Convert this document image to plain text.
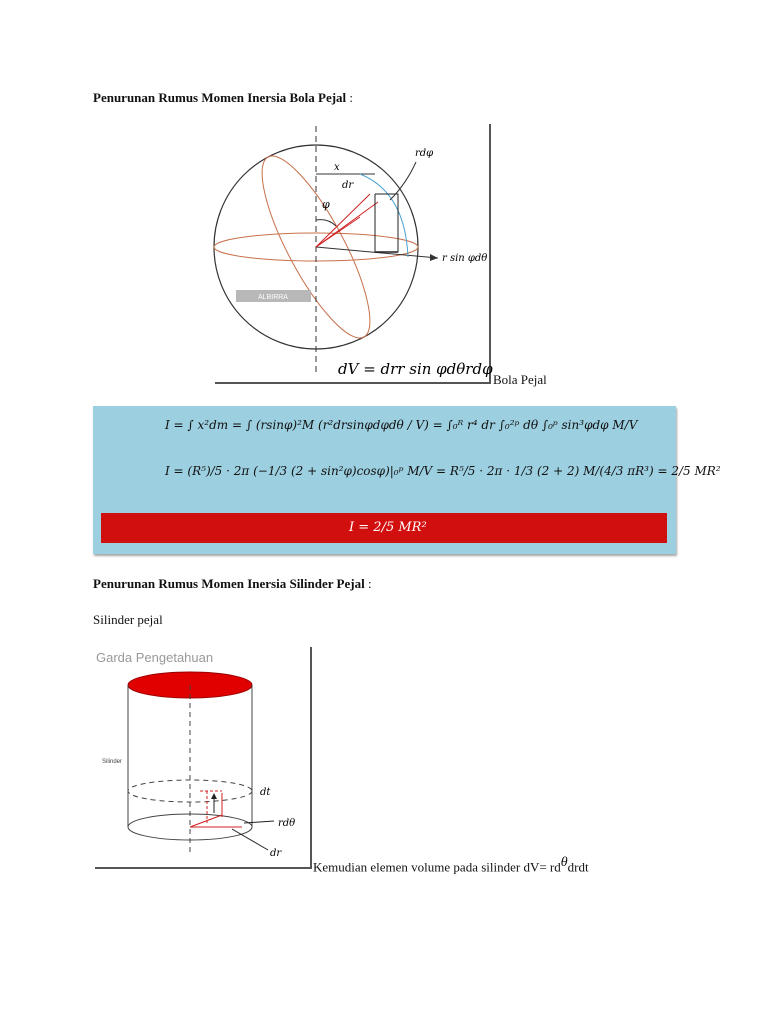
Penurunan Rumus Momen Inersia Bola Pejal :
ALBIRRA
x
dr
φ
rdφ
r sin φdθ
dV = drr sin φdθrdφ
Bola Pejal
I = ∫ x²dm = ∫ (rsinφ)²M (r²drsinφdφdθ / V) = ∫₀ᴿ r⁴ dr ∫₀²ᵖ dθ ∫₀ᵖ sin³φdφ M/V
I = (R⁵)/5 · 2π (−1/3 (2 + sin²φ)cosφ)|₀ᵖ M/V = R⁵/5 · 2π · 1/3 (2 + 2) M/(4/3 πR³) = 2/5 MR²
I = 2/5 MR²
Penurunan Rumus Momen Inersia Silinder Pejal :
Silinder pejal
Garda Pengetahuan
Silinder
dt
rdθ
dr
Kemudian elemen volume pada silinder $dV= rd^\theta drdt$
